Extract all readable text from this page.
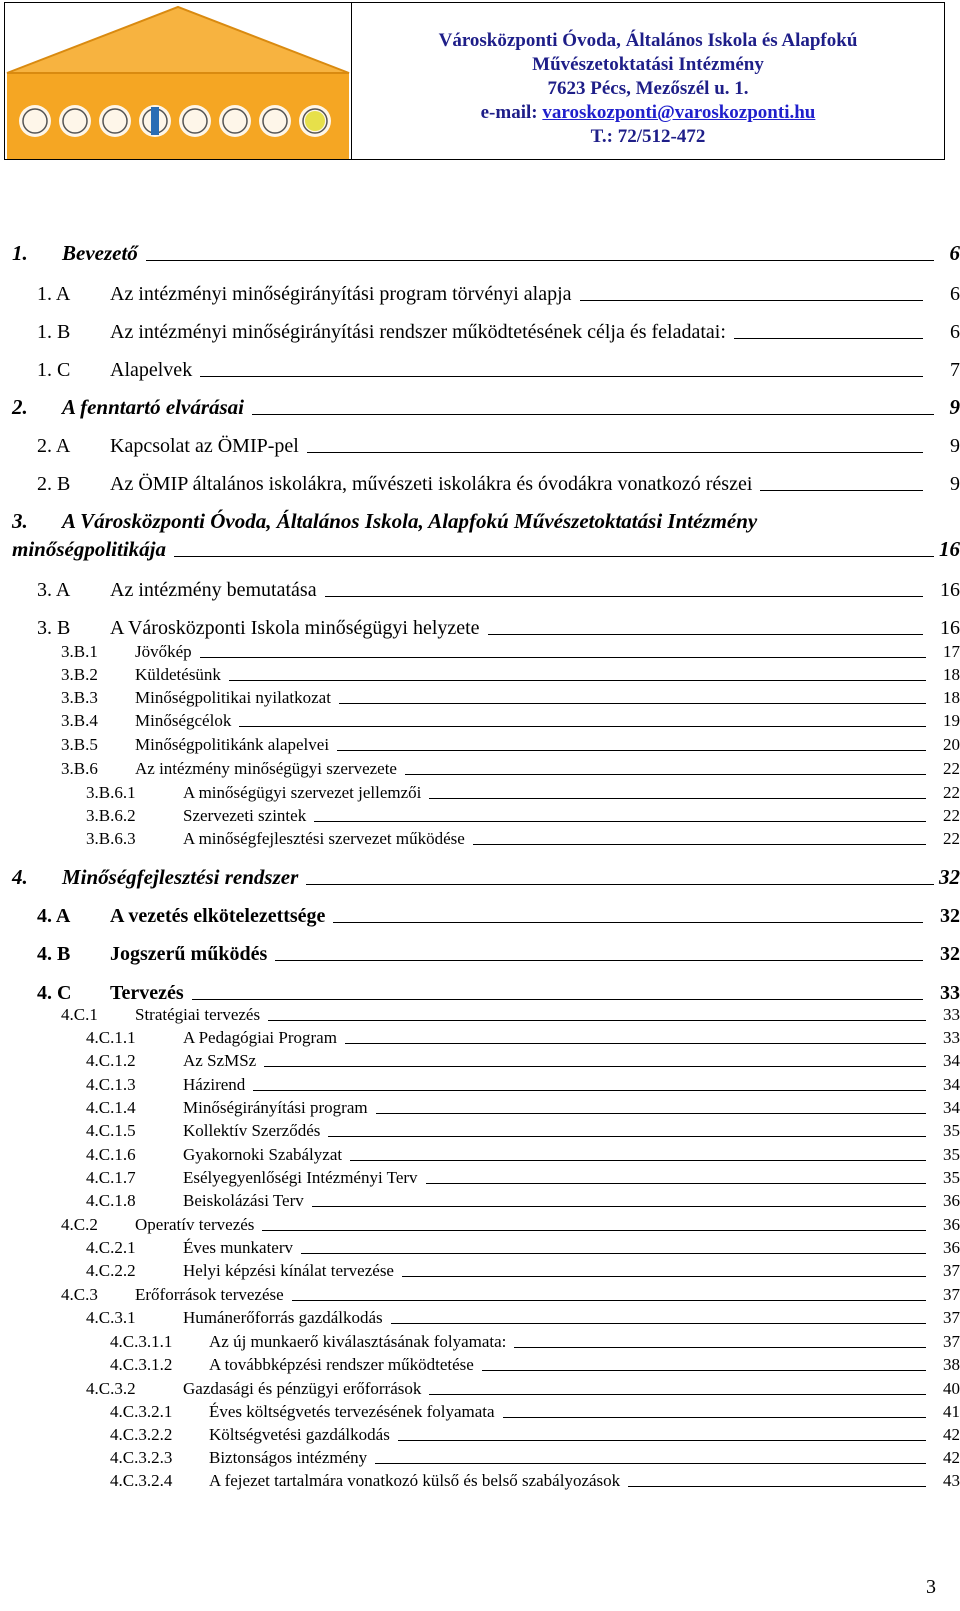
Városközponti Óvoda, Általános Iskola és Alapfokú
Művészetoktatási Intézmény
7623 Pécs, Mezőszél u. 1.
e-mail: varoskozponti@varoskozponti.hu
T.: 72/512-472
1.	Bevezető	6
1. A	Az intézményi minőségirányítási program törvényi alapja	6
1. B	Az intézményi minőségirányítási rendszer működtetésének célja és feladatai:	6
1. C	Alapelvek	7
2.	A fenntartó elvárásai	9
2. A	Kapcsolat az ÖMIP-pel	9
2. B	Az ÖMIP általános iskolákra, művészeti iskolákra és óvodákra vonatkozó részei	9
3.	A Városközponti Óvoda, Általános Iskola, Alapfokú Művészetoktatási Intézmény
minőségpolitikája	16
3. A	Az intézmény bemutatása	16
3. B	A Városközponti Iskola minőségügyi helyzete	16
3.B.1	Jövőkép	17
3.B.2	Küldetésünk	18
3.B.3	Minőségpolitikai nyilatkozat	18
3.B.4	Minőségcélok	19
3.B.5	Minőségpolitikánk alapelvei	20
3.B.6	Az intézmény minőségügyi szervezete	22
3.B.6.1	A minőségügyi szervezet jellemzői	22
3.B.6.2	Szervezeti szintek	22
3.B.6.3	A minőségfejlesztési szervezet működése	22
4.	Minőségfejlesztési rendszer	32
4. A	A vezetés elkötelezettsége	32
4. B	Jogszerű működés	32
4. C	Tervezés	33
4.C.1	Stratégiai tervezés	33
4.C.1.1	A Pedagógiai Program	33
4.C.1.2	Az SzMSz	34
4.C.1.3	Házirend	34
4.C.1.4	Minőségirányítási program	34
4.C.1.5	Kollektív Szerződés	35
4.C.1.6	Gyakornoki Szabályzat	35
4.C.1.7	Esélyegyenlőségi Intézményi Terv	35
4.C.1.8	Beiskolázási Terv	36
4.C.2	Operatív tervezés	36
4.C.2.1	Éves munkaterv	36
4.C.2.2	Helyi képzési kínálat tervezése	37
4.C.3	Erőforrások tervezése	37
4.C.3.1	Humánerőforrás gazdálkodás	37
4.C.3.1.1	Az új munkaerő kiválasztásának folyamata:	37
4.C.3.1.2	A továbbképzési rendszer működtetése	38
4.C.3.2	Gazdasági és pénzügyi erőforrások	40
4.C.3.2.1	Éves költségvetés tervezésének folyamata	41
4.C.3.2.2	Költségvetési gazdálkodás	42
4.C.3.2.3	Biztonságos intézmény	42
4.C.3.2.4	A fejezet tartalmára vonatkozó külső és belső szabályozások	43
3
